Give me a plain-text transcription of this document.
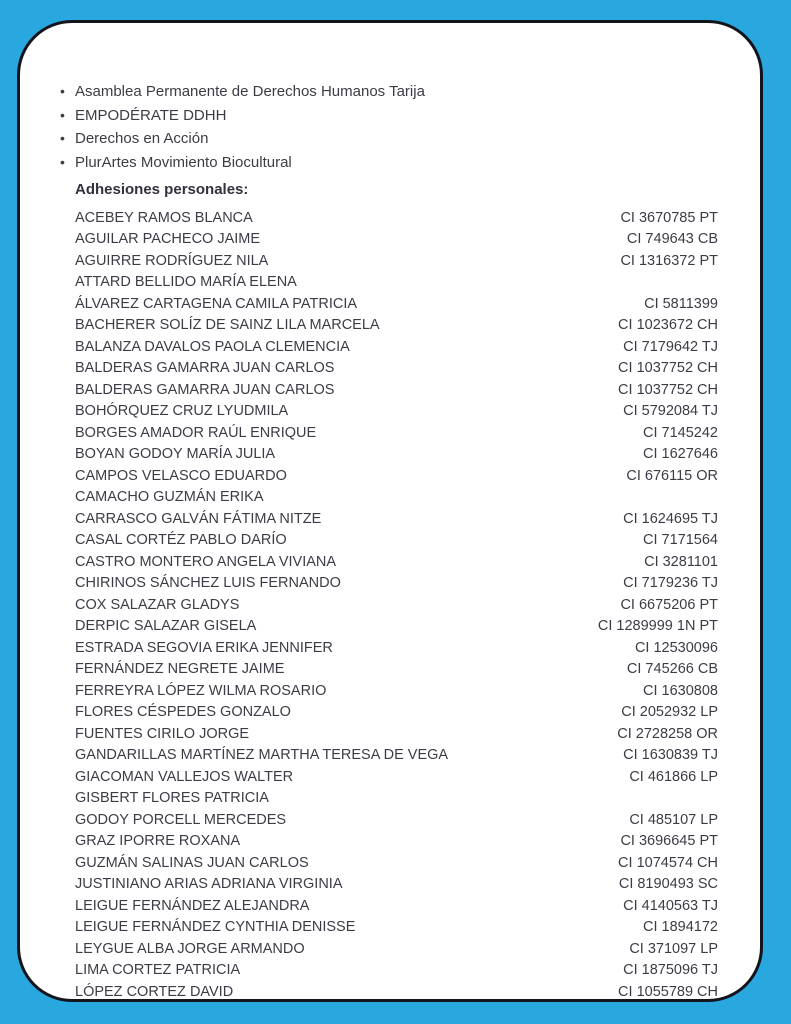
• Asamblea Permanente de Derechos Humanos Tarija
• EMPODÉRATE DDHH
• Derechos en Acción
• PlurArtes Movimiento Biocultural
Adhesiones personales:
ACEBEY RAMOS BLANCA	CI 3670785 PT
AGUILAR PACHECO JAIME	CI 749643 CB
AGUIRRE RODRÍGUEZ NILA	CI 1316372 PT
ATTARD BELLIDO MARÍA ELENA
ÁLVAREZ CARTAGENA CAMILA PATRICIA	CI 5811399
BACHERER SOLÍZ DE SAINZ LILA MARCELA	CI 1023672 CH
BALANZA DAVALOS PAOLA CLEMENCIA	CI 7179642 TJ
BALDERAS GAMARRA JUAN CARLOS	CI 1037752 CH
BALDERAS GAMARRA JUAN CARLOS	CI 1037752 CH
BOHÓRQUEZ CRUZ LYUDMILA	CI 5792084 TJ
BORGES AMADOR RAÚL ENRIQUE	CI 7145242
BOYAN GODOY MARÍA JULIA	CI 1627646
CAMPOS VELASCO EDUARDO	CI 676115 OR
CAMACHO GUZMÁN ERIKA
CARRASCO GALVÁN FÁTIMA NITZE	CI 1624695 TJ
CASAL CORTÉZ PABLO DARÍO	CI 7171564
CASTRO MONTERO ANGELA VIVIANA	CI 3281101
CHIRINOS SÁNCHEZ LUIS FERNANDO	CI 7179236 TJ
COX SALAZAR GLADYS	CI 6675206 PT
DERPIC SALAZAR GISELA	CI 1289999 1N PT
ESTRADA SEGOVIA ERIKA JENNIFER	CI 12530096
FERNÁNDEZ NEGRETE JAIME	CI 745266 CB
FERREYRA LÓPEZ WILMA ROSARIO	CI 1630808
FLORES CÉSPEDES GONZALO	CI 2052932 LP
FUENTES CIRILO JORGE	CI 2728258 OR
GANDARILLAS MARTÍNEZ MARTHA TERESA DE VEGA	CI 1630839 TJ
GIACOMAN VALLEJOS WALTER	CI 461866 LP
GISBERT FLORES PATRICIA
GODOY PORCELL MERCEDES	CI 485107 LP
GRAZ IPORRE ROXANA	CI 3696645 PT
GUZMÁN SALINAS JUAN CARLOS	CI 1074574 CH
JUSTINIANO ARIAS ADRIANA VIRGINIA	CI 8190493 SC
LEIGUE FERNÁNDEZ ALEJANDRA	CI 4140563 TJ
LEIGUE FERNÁNDEZ CYNTHIA DENISSE	CI 1894172
LEYGUE ALBA JORGE ARMANDO	CI 371097 LP
LIMA CORTEZ PATRICIA	CI 1875096 TJ
LÓPEZ CORTEZ DAVID	CI 1055789 CH
